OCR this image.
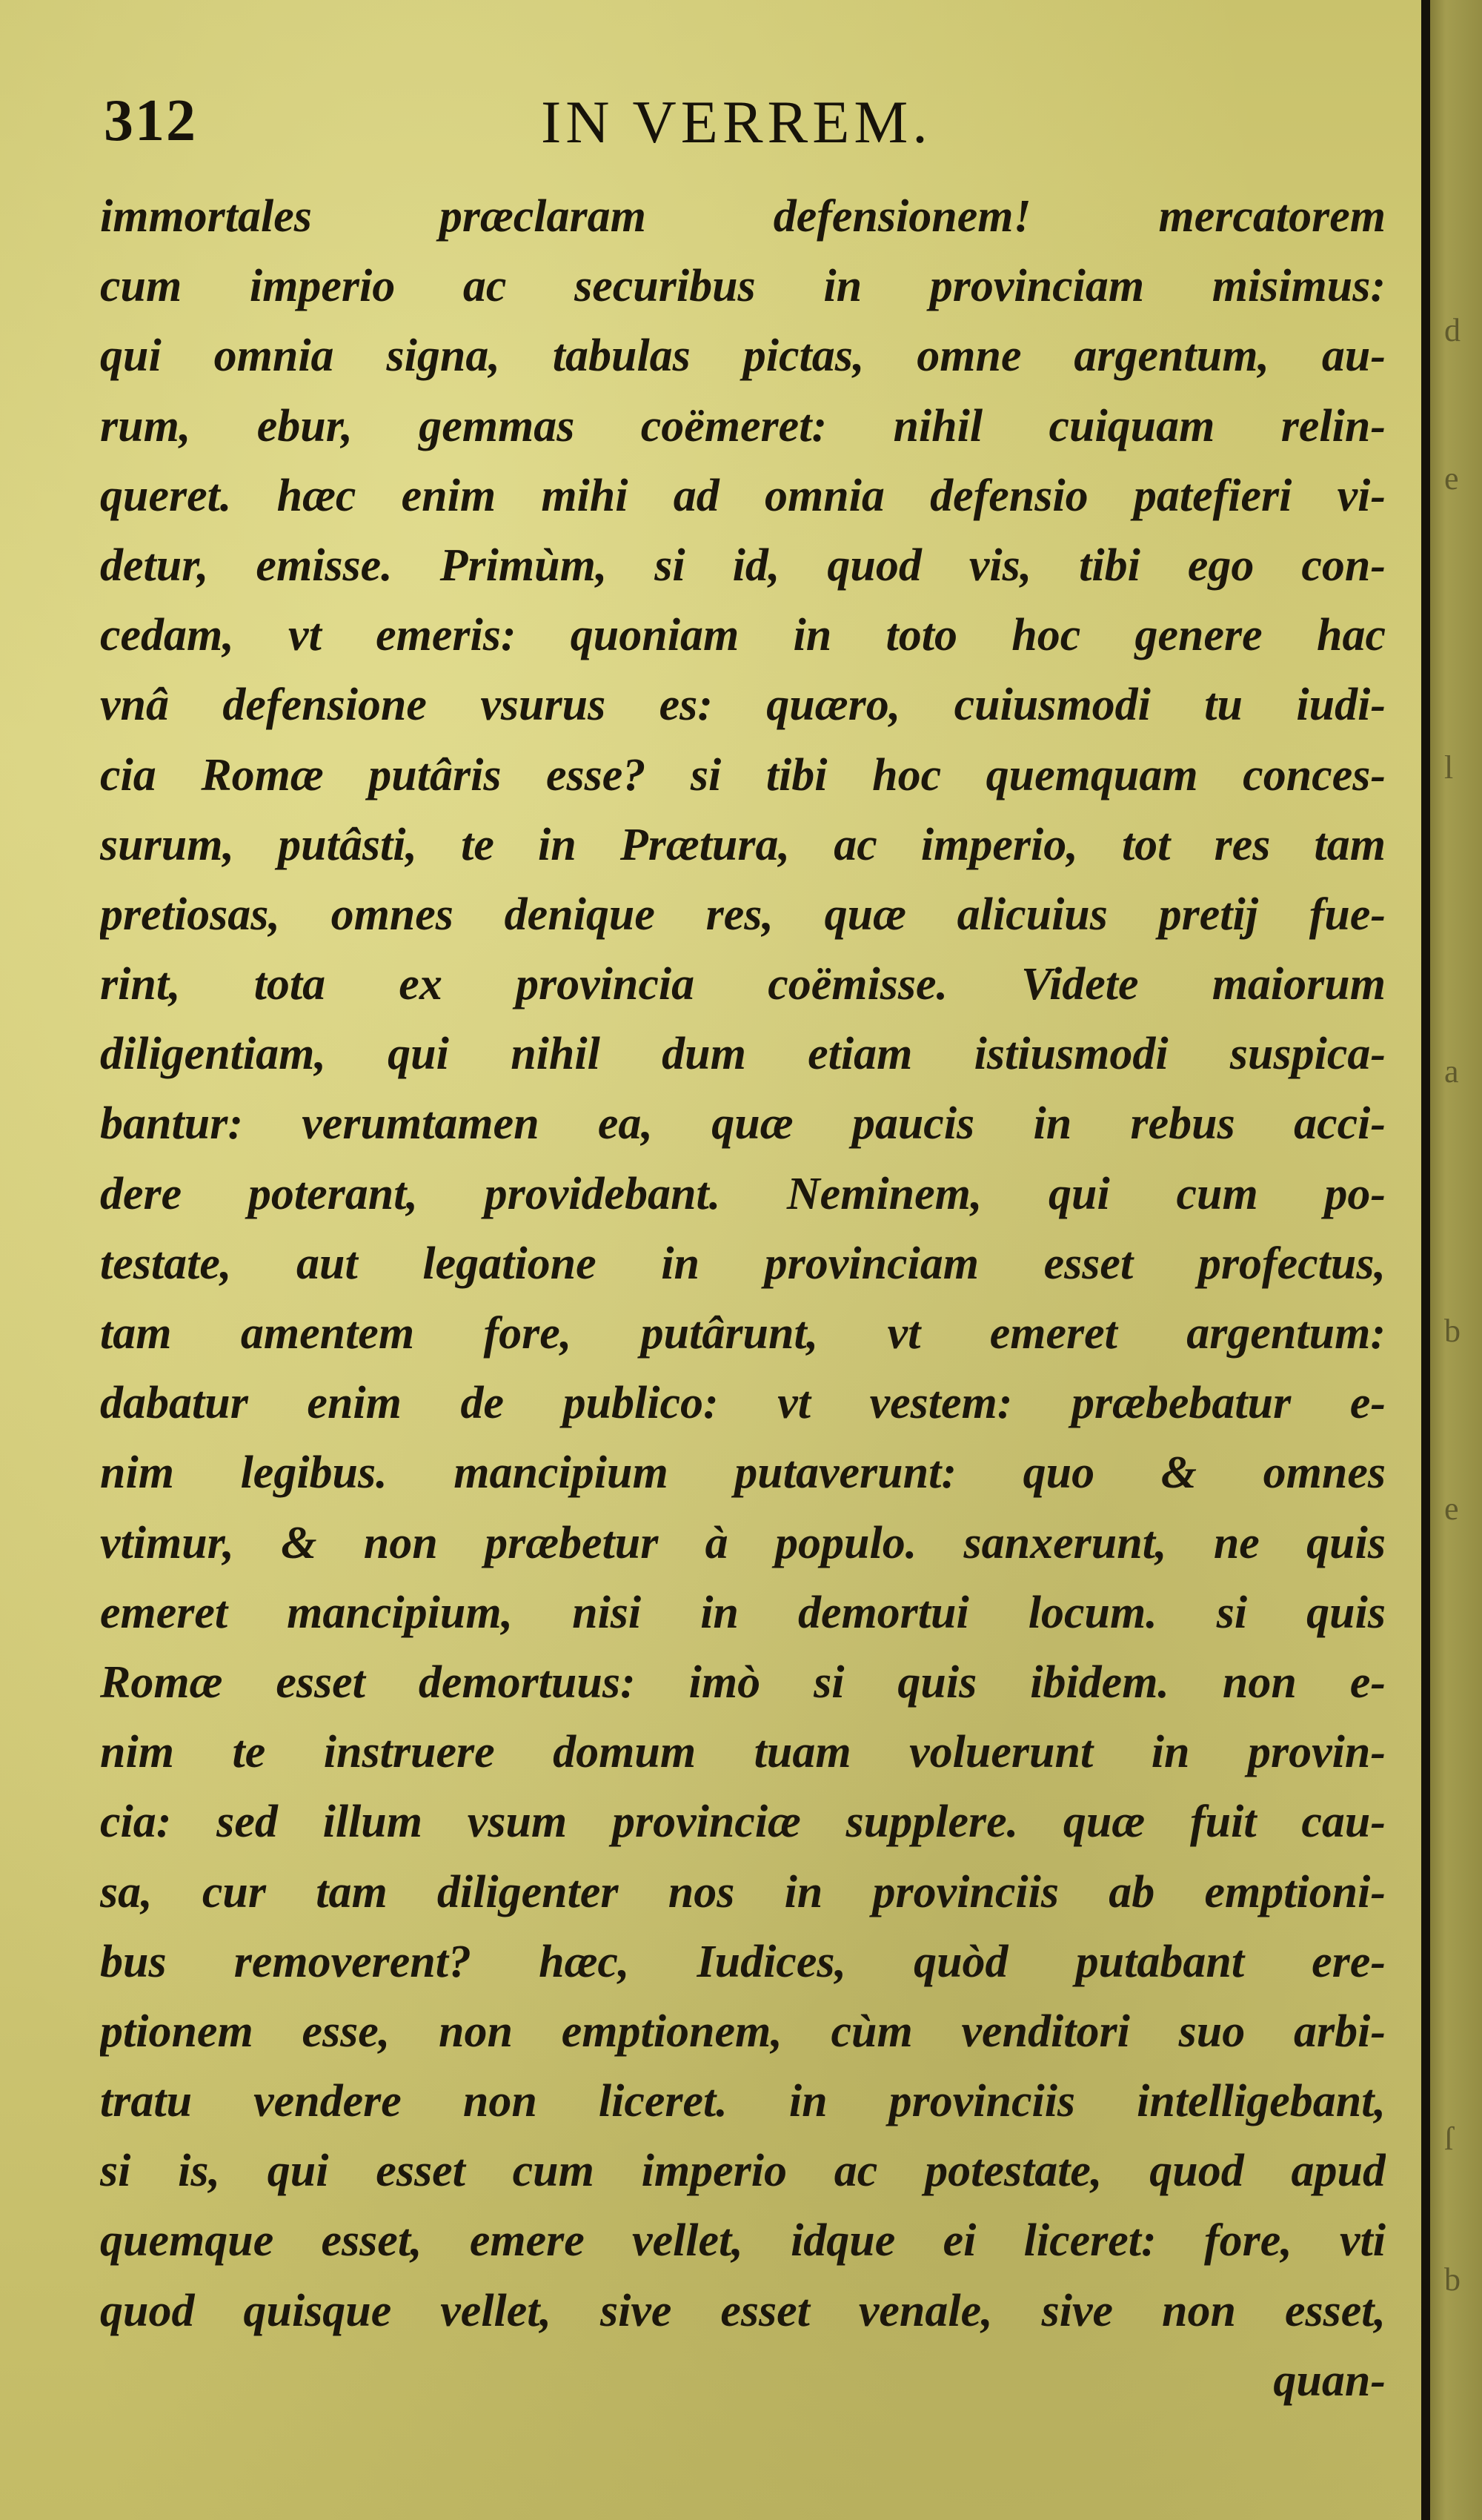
312	IN VERREM.
immortales præclaram defensionem! mercatorem
cum imperio ac securibus in provinciam misimus:
qui omnia signa, tabulas pictas, omne argentum, au-
rum, ebur, gemmas coëmeret: nihil cuiquam relin-
queret. hæc enim mihi ad omnia defensio patefieri vi-
detur, emisse. Primùm, si id, quod vis, tibi ego con-
cedam, vt emeris: quoniam in toto hoc genere hac
vnâ defensione vsurus es: quæro, cuiusmodi tu iudi-
cia Romæ putâris esse? si tibi hoc quemquam conces-
surum, putâsti, te in Prætura, ac imperio, tot res tam
pretiosas, omnes denique res, quæ alicuius pretij fue-
rint, tota ex provincia coëmisse. Videte maiorum
diligentiam, qui nihil dum etiam istiusmodi suspica-
bantur: verumtamen ea, quæ paucis in rebus acci-
dere poterant, providebant. Neminem, qui cum po-
testate, aut legatione in provinciam esset profectus,
tam amentem fore, putârunt, vt emeret argentum:
dabatur enim de publico: vt vestem: præbebatur e-
nim legibus. mancipium putaverunt: quo & omnes
vtimur, & non præbetur à populo. sanxerunt, ne quis
emeret mancipium, nisi in demortui locum. si quis
Romæ esset demortuus: imò si quis ibidem. non e-
nim te instruere domum tuam voluerunt in provin-
cia: sed illum vsum provinciæ supplere. quæ fuit cau-
sa, cur tam diligenter nos in provinciis ab emptioni-
bus removerent? hæc, Iudices, quòd putabant ere-
ptionem esse, non emptionem, cùm venditori suo arbi-
tratu vendere non liceret. in provinciis intelligebant,
si is, qui esset cum imperio ac potestate, quod apud
quemque esset, emere vellet, idque ei liceret: fore, vti
quod quisque vellet, sive esset venale, sive non esset,
quan-
d
e
l
a
b
e
ſ
b
